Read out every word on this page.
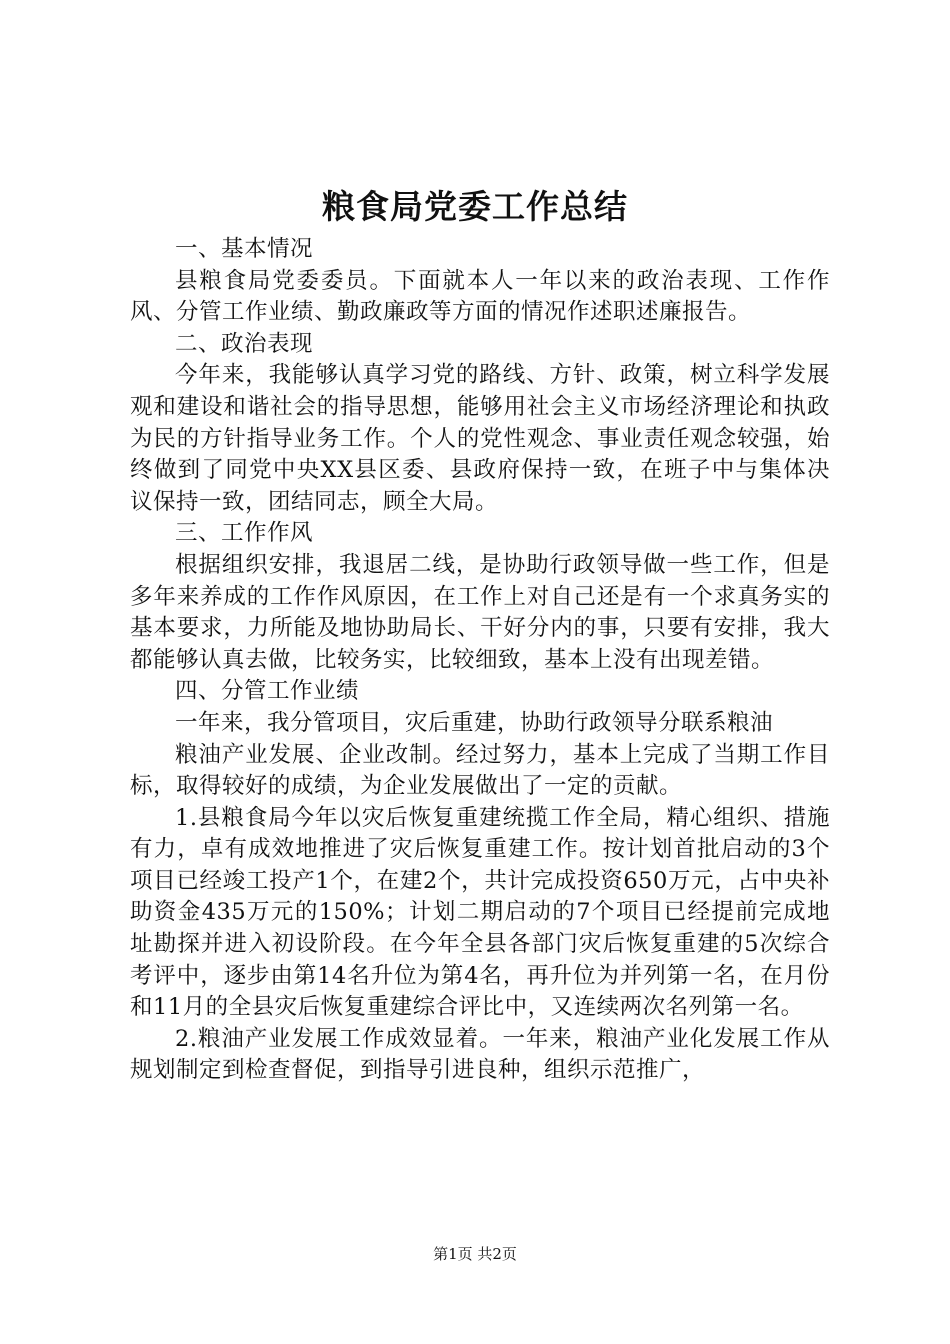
粮食局党委工作总结

一、基本情况

县粮食局党委委员。下面就本人一年以来的政治表现、工作作风、分管工作业绩、勤政廉政等方面的情况作述职述廉报告。

二、政治表现

今年来，我能够认真学习党的路线、方针、政策，树立科学发展观和建设和谐社会的指导思想，能够用社会主义市场经济理论和执政为民的方针指导业务工作。个人的党性观念、事业责任观念较强，始终做到了同党中央XX县区委、县政府保持一致，在班子中与集体决议保持一致，团结同志，顾全大局。

三、工作作风

根据组织安排，我退居二线，是协助行政领导做一些工作，但是多年来养成的工作作风原因，在工作上对自己还是有一个求真务实的基本要求，力所能及地协助局长、干好分内的事，只要有安排，我大都能够认真去做，比较务实，比较细致，基本上没有出现差错。

四、分管工作业绩

一年来，我分管项目，灾后重建，协助行政领导分联系粮油

粮油产业发展、企业改制。经过努力，基本上完成了当期工作目标，取得较好的成绩，为企业发展做出了一定的贡献。

1.县粮食局今年以灾后恢复重建统揽工作全局，精心组织、措施有力，卓有成效地推进了灾后恢复重建工作。按计划首批启动的3个项目已经竣工投产1个，在建2个，共计完成投资650万元，占中央补助资金435万元的150%；计划二期启动的7个项目已经提前完成地址勘探并进入初设阶段。在今年全县各部门灾后恢复重建的5次综合考评中，逐步由第14名升位为第4名，再升位为并列第一名，在月份和11月的全县灾后恢复重建综合评比中，又连续两次名列第一名。

2.粮油产业发展工作成效显着。一年来，粮油产业化发展工作从规划制定到检查督促，到指导引进良种，组织示范推广，

第1页 共2页
